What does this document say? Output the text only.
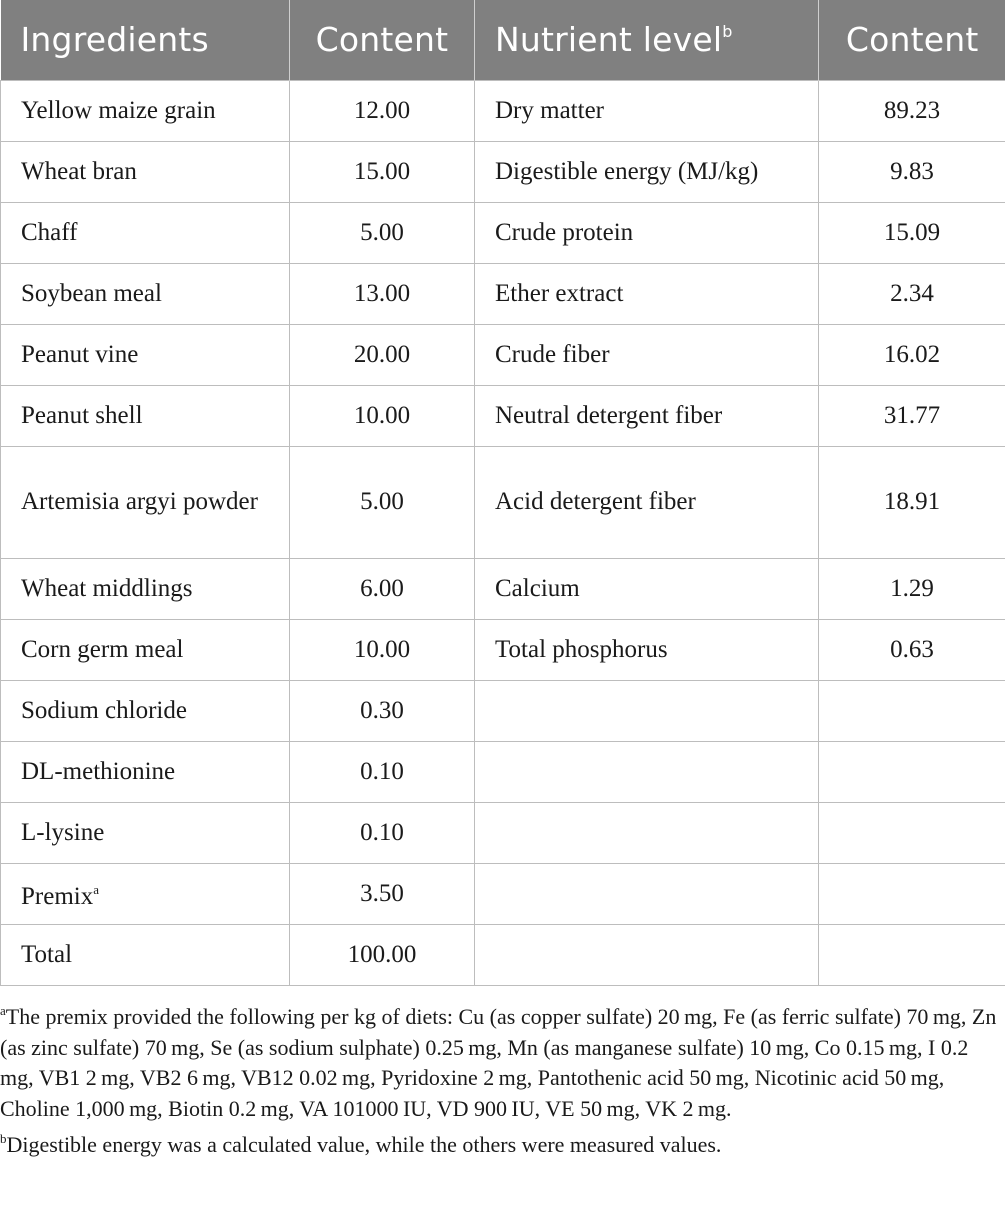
Ingredients	Content	Nutrient level$^b$	Content
Yellow maize grain	12.00	Dry matter	89.23
Wheat bran	15.00	Digestible energy (MJ/kg)	9.83
Chaff	5.00	Crude protein	15.09
Soybean meal	13.00	Ether extract	2.34
Peanut vine	20.00	Crude fiber	16.02
Peanut shell	10.00	Neutral detergent fiber	31.77
Artemisia argyi powder	5.00	Acid detergent fiber	18.91
Wheat middlings	6.00	Calcium	1.29
Corn germ meal	10.00	Total phosphorus	0.63
Sodium chloride	0.30		
DL-methionine	0.10		
L-lysine	0.10		
Premix$^a$	3.50		
Total	100.00		

$^a$The premix provided the following per kg of diets: Cu (as copper sulfate) 20 mg, Fe (as ferric sulfate) 70 mg, Zn (as zinc sulfate) 70 mg, Se (as sodium sulphate) 0.25 mg, Mn (as manganese sulfate) 10 mg, Co 0.15 mg, I 0.2 mg, VB1 2 mg, VB2 6 mg, VB12 0.02 mg, Pyridoxine 2 mg, Pantothenic acid 50 mg, Nicotinic acid 50 mg, Choline 1,000 mg, Biotin 0.2 mg, VA 101000 IU, VD 900 IU, VE 50 mg, VK 2 mg.

$^b$Digestible energy was a calculated value, while the others were measured values.
